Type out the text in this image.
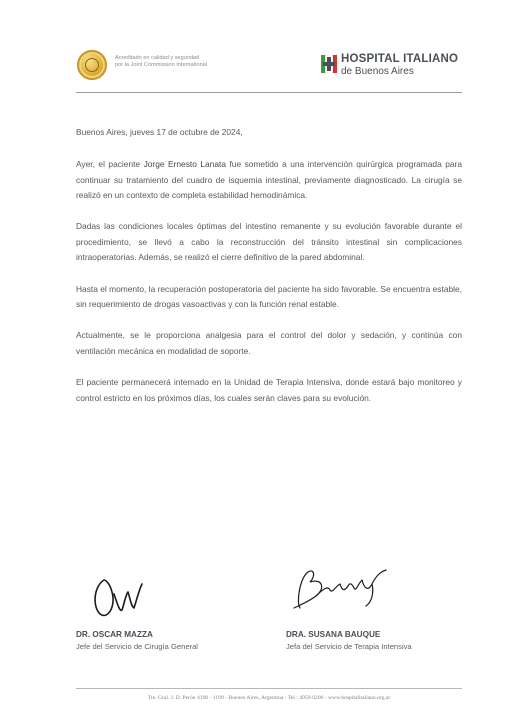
Acreditado en calidad y seguridad
por la Joint Commission International	HOSPITAL ITALIANO
de Buenos Aires

Buenos Aires, jueves 17 de octubre de 2024,

Ayer, el paciente Jorge Ernesto Lanata fue sometido a una intervención quirúrgica programada para continuar su tratamiento del cuadro de isquemia intestinal, previamente diagnosticado. La cirugía se realizó en un contexto de completa estabilidad hemodinámica.

Dadas las condiciones locales óptimas del intestino remanente y su evolución favorable durante el procedimiento, se llevó a cabo la reconstrucción del tránsito intestinal sin complicaciones intraoperatorias. Además, se realizó el cierre definitivo de la pared abdominal.

Hasta el momento, la recuperación postoperatoria del paciente ha sido favorable. Se encuentra estable, sin requerimiento de drogas vasoactivas y con la función renal estable.

Actualmente, se le proporciona analgesia para el control del dolor y sedación, y continúa con ventilación mecánica en modalidad de soporte.

El paciente permanecerá internado en la Unidad de Terapia Intensiva, donde estará bajo monitoreo y control estricto en los próximos días, los cuales serán claves para su evolución.

DR. OSCAR MAZZA
Jefe del Servicio de Cirugía General
DRA. SUSANA BAUQUE
Jefa del Servicio de Terapia Intensiva
Tte. Gral. J. D. Perón 4190 - 1199 - Buenos Aires, Argentina - Tel.: 4959-0200 - www.hospitalitaliano.org.ar
